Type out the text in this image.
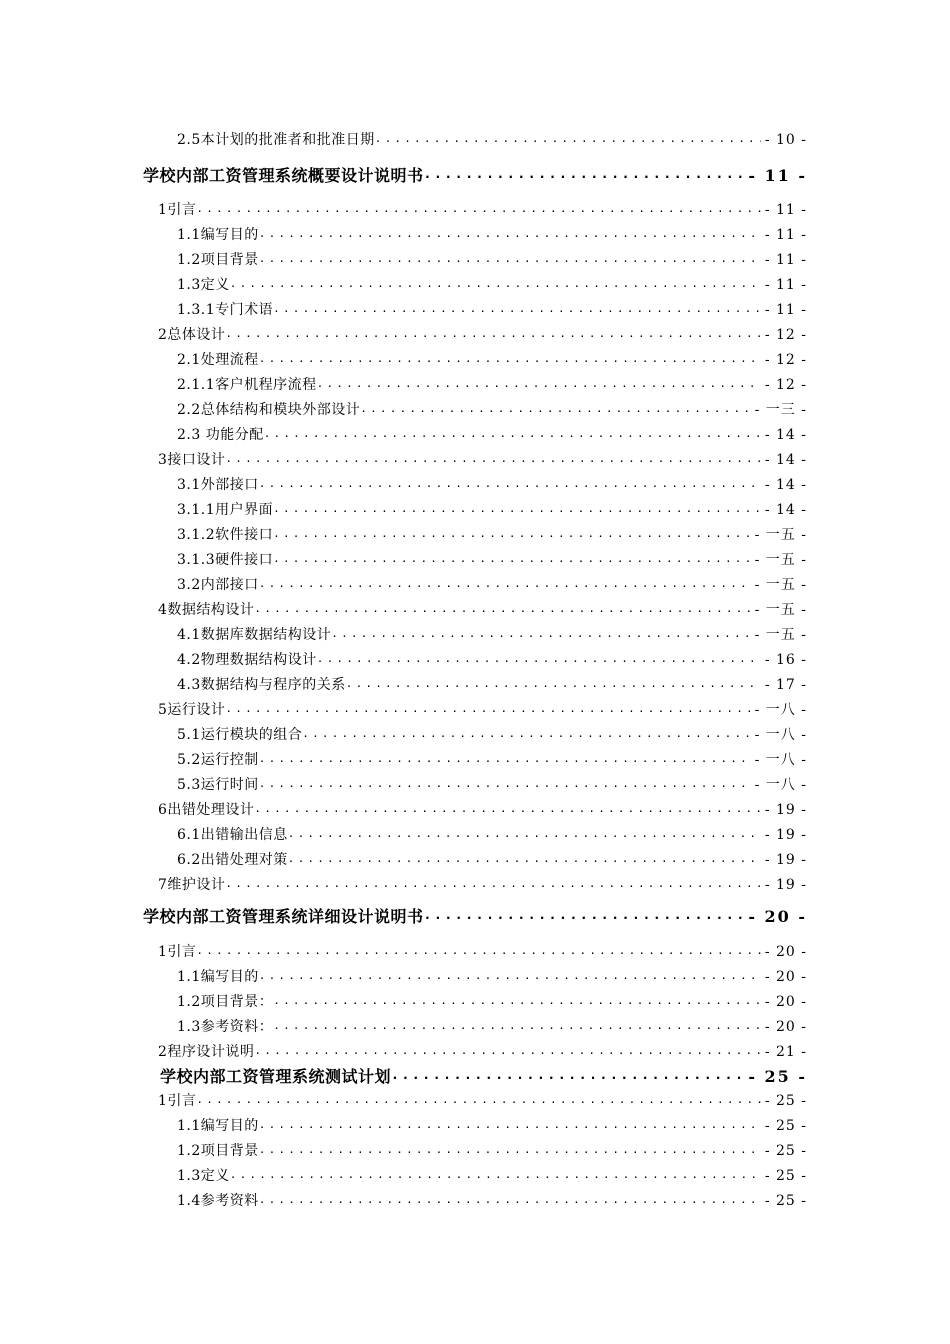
2.5本计划的批准者和批准日期 .....	- 10 -
学校内部工资管理系统概要设计说明书 .....	- 11 -
1引言 .....	- 11 -
1.1编写目的 .....	- 11 -
1.2项目背景 .....	- 11 -
1.3定义 .....	- 11 -
1.3.1专门术语 .....	- 11 -
2总体设计 .....	- 12 -
2.1处理流程 .....	- 12 -
2.1.1客户机程序流程 .....	- 12 -
2.2总体结构和模块外部设计 .....	- 一三 -
2.3 功能分配 .....	- 14 -
3接口设计 .....	- 14 -
3.1外部接口 .....	- 14 -
3.1.1用户界面 .....	- 14 -
3.1.2软件接口 .....	- 一五 -
3.1.3硬件接口 .....	- 一五 -
3.2内部接口 .....	- 一五 -
4数据结构设计 .....	- 一五 -
4.1数据库数据结构设计 .....	- 一五 -
4.2物理数据结构设计 .....	- 16 -
4.3数据结构与程序的关系 .....	- 17 -
5运行设计 .....	- 一八 -
5.1运行模块的组合 .....	- 一八 -
5.2运行控制 .....	- 一八 -
5.3运行时间 .....	- 一八 -
6出错处理设计 .....	- 19 -
6.1出错输出信息 .....	- 19 -
6.2出错处理对策 .....	- 19 -
7维护设计 .....	- 19 -
学校内部工资管理系统详细设计说明书 .....	- 20 -
1引言 .....	- 20 -
1.1编写目的 .....	- 20 -
1.2项目背景： .....	- 20 -
1.3参考资料： .....	- 20 -
2程序设计说明 .....	- 21 -
学校内部工资管理系统测试计划 .....	- 25 -
1引言 .....	- 25 -
1.1编写目的 .....	- 25 -
1.2项目背景 .....	- 25 -
1.3定义 .....	- 25 -
1.4参考资料 .....	- 25 -
